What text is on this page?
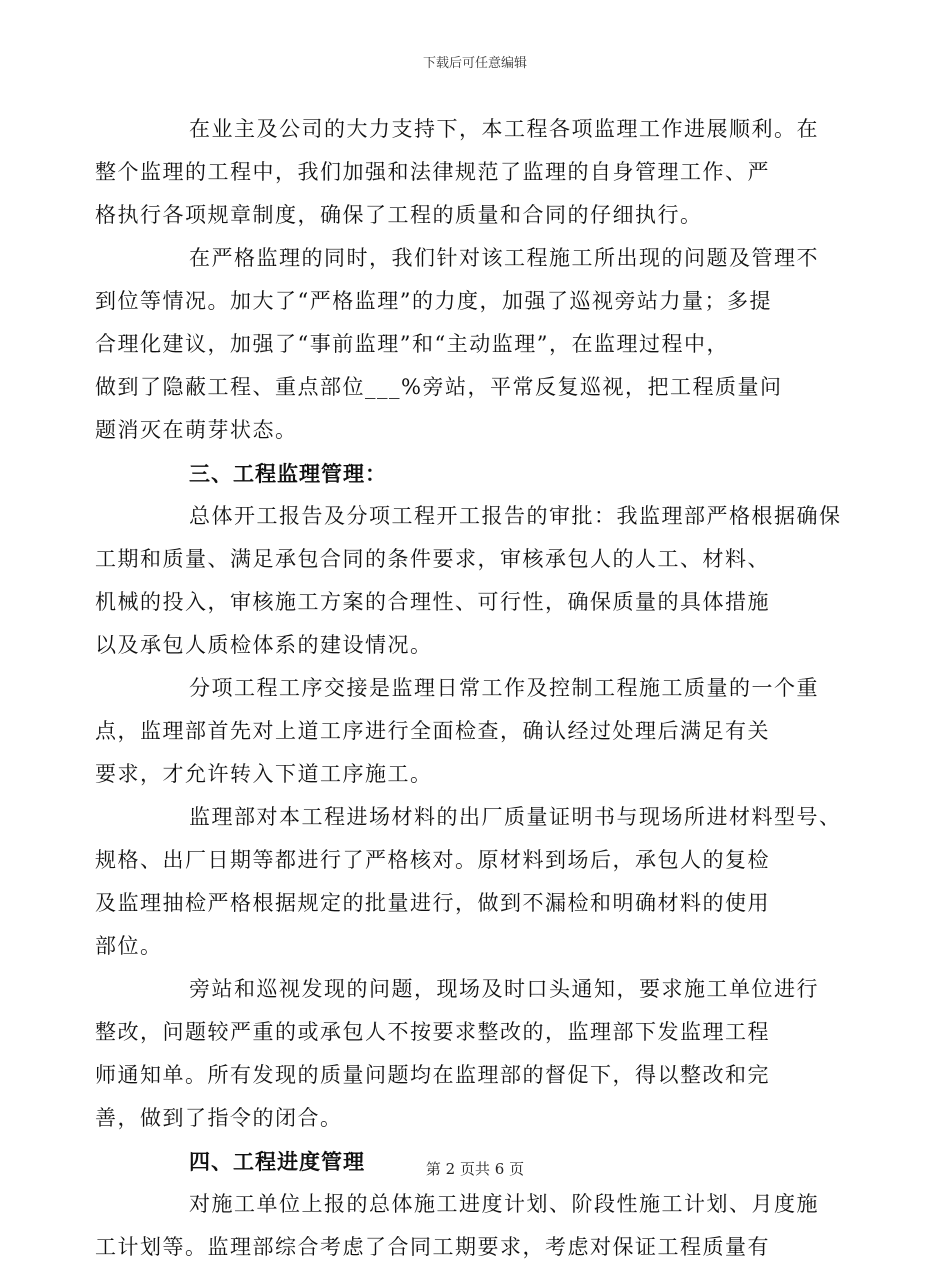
下载后可任意编辑

在业主及公司的大力支持下，本工程各项监理工作进展顺利。在
整个监理的工程中，我们加强和法律规范了监理的自身管理工作、严
格执行各项规章制度，确保了工程的质量和合同的仔细执行。

在严格监理的同时，我们针对该工程施工所出现的问题及管理不
到位等情况。加大了“严格监理”的力度，加强了巡视旁站力量；多提
合理化建议，加强了“事前监理”和“主动监理”，在监理过程中，
做到了隐蔽工程、重点部位___%旁站，平常反复巡视，把工程质量问
题消灭在萌芽状态。

三、工程监理管理：

总体开工报告及分项工程开工报告的审批：我监理部严格根据确保
工期和质量、满足承包合同的条件要求，审核承包人的人工、材料、
机械的投入，审核施工方案的合理性、可行性，确保质量的具体措施
以及承包人质检体系的建设情况。

分项工程工序交接是监理日常工作及控制工程施工质量的一个重
点，监理部首先对上道工序进行全面检查，确认经过处理后满足有关
要求，才允许转入下道工序施工。

监理部对本工程进场材料的出厂质量证明书与现场所进材料型号、
规格、出厂日期等都进行了严格核对。原材料到场后，承包人的复检
及监理抽检严格根据规定的批量进行，做到不漏检和明确材料的使用
部位。

旁站和巡视发现的问题，现场及时口头通知，要求施工单位进行
整改，问题较严重的或承包人不按要求整改的，监理部下发监理工程
师通知单。所有发现的质量问题均在监理部的督促下，得以整改和完
善，做到了指令的闭合。

四、工程进度管理

对施工单位上报的总体施工进度计划、阶段性施工计划、月度施
工计划等。监理部综合考虑了合同工期要求，考虑对保证工程质量有

第 2 页共 6 页
